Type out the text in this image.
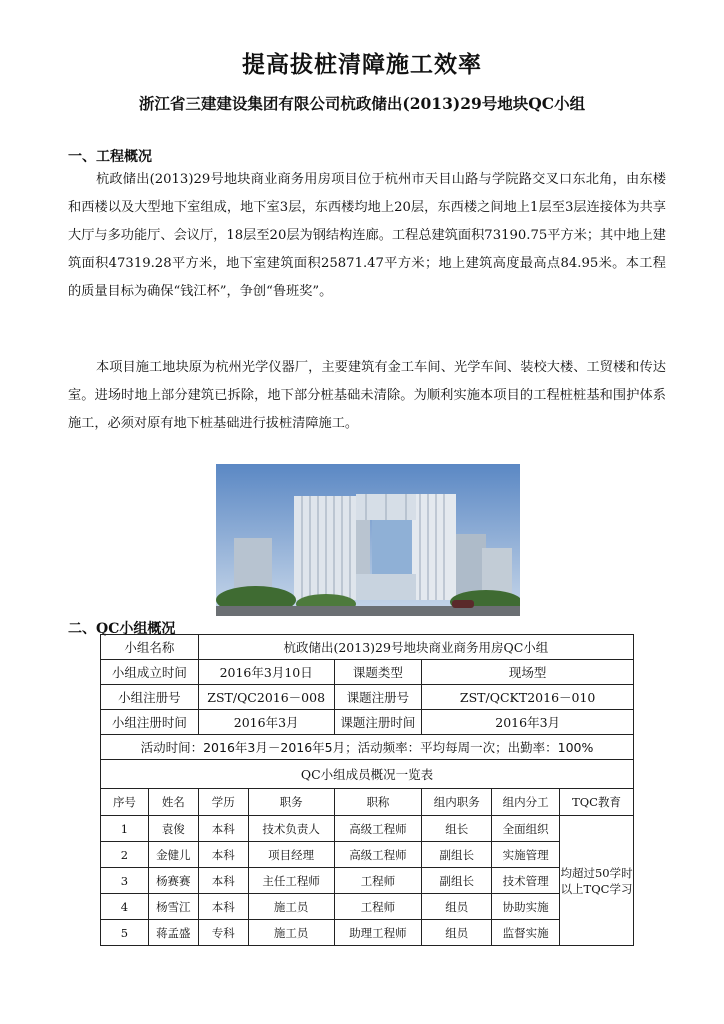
提高拔桩清障施工效率
浙江省三建建设集团有限公司杭政储出(2013)29号地块QC小组
一、工程概况

杭政储出(2013)29号地块商业商务用房项目位于杭州市天目山路与学院路交叉口东北角，由东楼和西楼以及大型地下室组成，地下室3层，东西楼均地上20层，东西楼之间地上1层至3层连接体为共享大厅与多功能厅、会议厅，18层至20层为钢结构连廊。工程总建筑面积73190.75平方米；其中地上建筑面积47319.28平方米，地下室建筑面积25871.47平方米；地上建筑高度最高点84.95米。本工程的质量目标为确保“钱江杯”，争创“鲁班奖”。

本项目施工地块原为杭州光学仪器厂，主要建筑有金工车间、光学车间、装校大楼、工贸楼和传达室。进场时地上部分建筑已拆除，地下部分桩基础未清除。为顺利实施本项目的工程桩桩基和围护体系施工，必须对原有地下桩基础进行拔桩清障施工。

二、QC小组概况
小组名称		杭政储出(2013)29号地块商业商务用房QC小组					
小组成立时间		2016年3月10日		课题类型	现场型		
小组注册号		ZST/QC2016－008		课题注册号	ZST/QCKT2016－010		
小组注册时间		2016年3月		课题注册时间	2016年3月		
活动时间：2016年3月－2016年5月；活动频率：平均每周一次；出勤率：100%							
QC小组成员概况一览表							
序号	姓名	学历	职务	职称	组内职务	组内分工	TQC教育
1	袁俊	本科	技术负责人	高级工程师	组长	全面组织	均超过50学时以上TQC学习
2	金健儿	本科	项目经理	高级工程师	副组长	实施管理	
3	杨赛赛	本科	主任工程师	工程师	副组长	技术管理	
4	杨雪江	本科	施工员	工程师	组员	协助实施	
5	蒋孟盛	专科	施工员	助理工程师	组员	监督实施	
